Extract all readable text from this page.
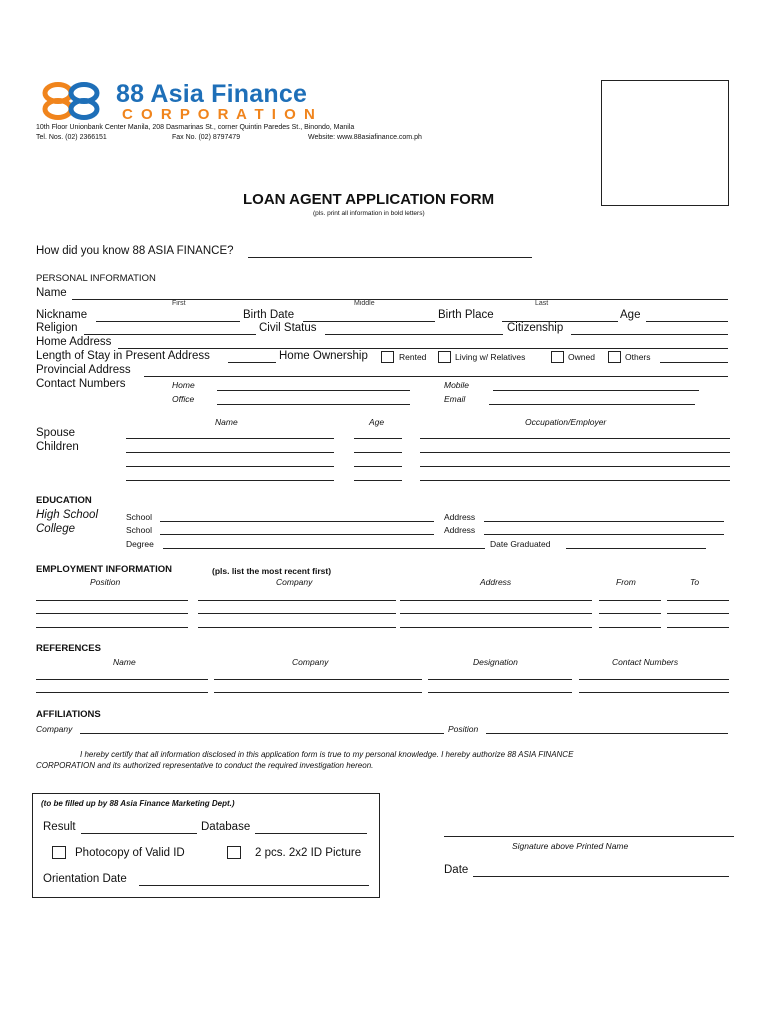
88 Asia Finance
C O R P O R A T I O N
10th Floor Unionbank Center Manila, 208 Dasmarinas St., corner Quintin Paredes St., Binondo, Manila
Tel. Nos. (02) 2366151	Fax No. (02) 8797479	Website: www.88asiafinance.com.ph
LOAN AGENT APPLICATION FORM
(pls. print all information in bold letters)
How did you know 88 ASIA FINANCE?
PERSONAL INFORMATION
Name
First	Middle	Last
Nickname	Birth Date	Birth Place	Age
Religion	Civil Status	Citizenship
Home Address
Length of Stay in Present Address	Home Ownership	Rented	Living w/ Relatives	Owned	Others
Provincial Address
Contact Numbers	Home	Mobile
Office	Email
Name	Age	Occupation/Employer
Spouse
Children
EDUCATION
High School
College
School	Address
School	Address
Degree	Date Graduated
EMPLOYMENT INFORMATION	(pls. list the most recent first)
Position	Company	Address	From	To
REFERENCES
Name	Company	Designation	Contact Numbers
AFFILIATIONS
Company	Position
I hereby certify that all information disclosed in this application form is true to my personal knowledge. I hereby authorize 88 ASIA FINANCE
CORPORATION and its authorized representative to conduct the required investigation hereon.
(to be filled up by 88 Asia Finance Marketing Dept.)
Result	Database
Photocopy of Valid ID	2 pcs. 2x2 ID Picture
Orientation Date
Signature above Printed Name
Date
